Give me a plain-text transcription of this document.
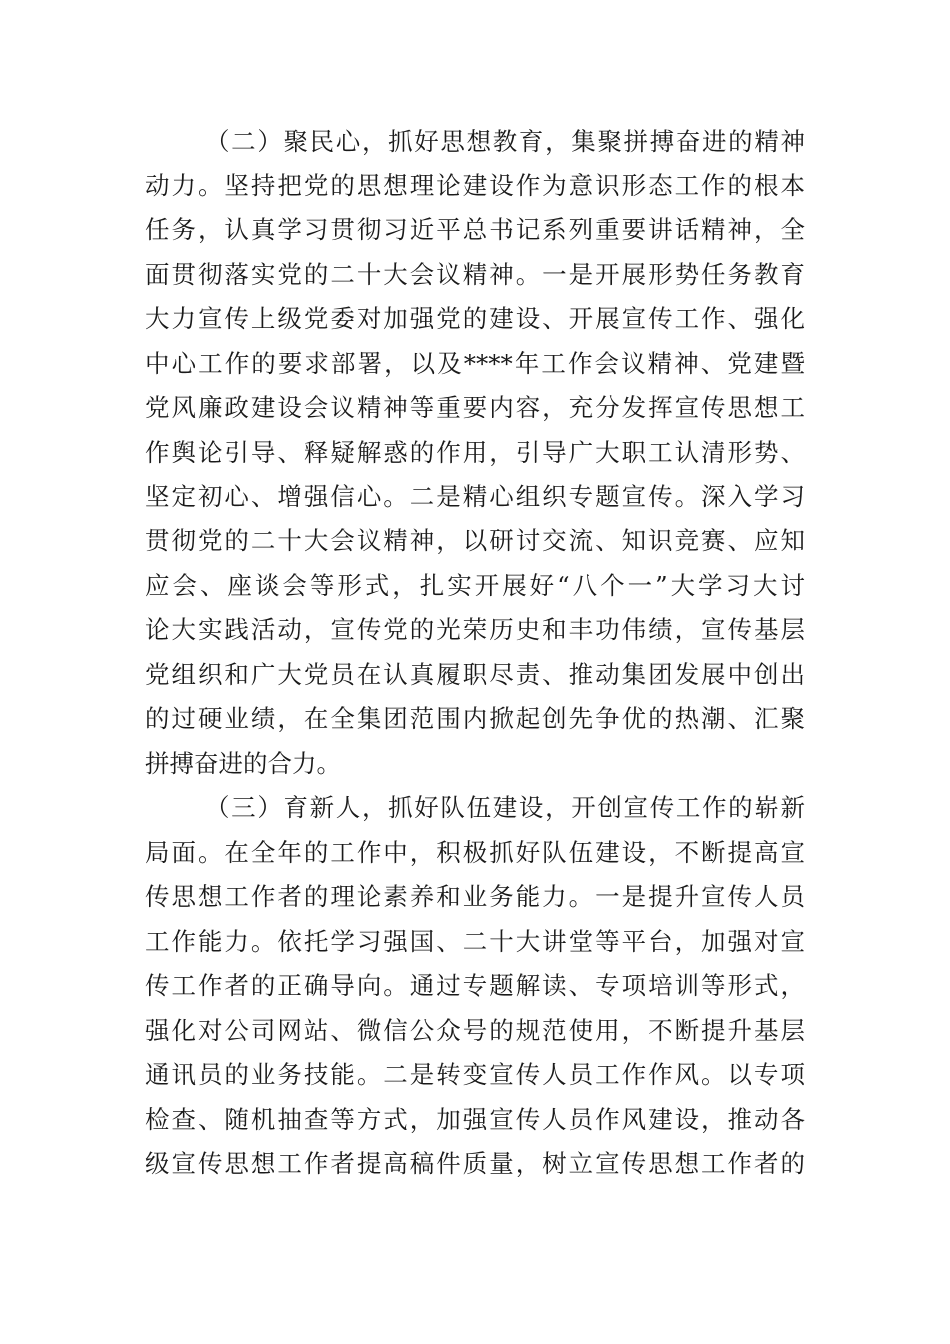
（二）聚民心，抓好思想教育，集聚拼搏奋进的精神

动力。坚持把党的思想理论建设作为意识形态工作的根本

任务，认真学习贯彻习近平总书记系列重要讲话精神，全

面贯彻落实党的二十大会议精神。一是开展形势任务教育

大力宣传上级党委对加强党的建设、开展宣传工作、强化

中心工作的要求部署，以及****年工作会议精神、党建暨

党风廉政建设会议精神等重要内容，充分发挥宣传思想工

作舆论引导、释疑解惑的作用，引导广大职工认清形势、

坚定初心、增强信心。二是精心组织专题宣传。深入学习

贯彻党的二十大会议精神，以研讨交流、知识竞赛、应知

应会、座谈会等形式，扎实开展好“八个一”大学习大讨

论大实践活动，宣传党的光荣历史和丰功伟绩，宣传基层

党组织和广大党员在认真履职尽责、推动集团发展中创出

的过硬业绩，在全集团范围内掀起创先争优的热潮、汇聚

拼搏奋进的合力。

（三）育新人，抓好队伍建设，开创宣传工作的崭新

局面。在全年的工作中，积极抓好队伍建设，不断提高宣

传思想工作者的理论素养和业务能力。一是提升宣传人员

工作能力。依托学习强国、二十大讲堂等平台，加强对宣

传工作者的正确导向。通过专题解读、专项培训等形式，

强化对公司网站、微信公众号的规范使用，不断提升基层

通讯员的业务技能。二是转变宣传人员工作作风。以专项

检查、随机抽查等方式，加强宣传人员作风建设，推动各

级宣传思想工作者提高稿件质量，树立宣传思想工作者的
